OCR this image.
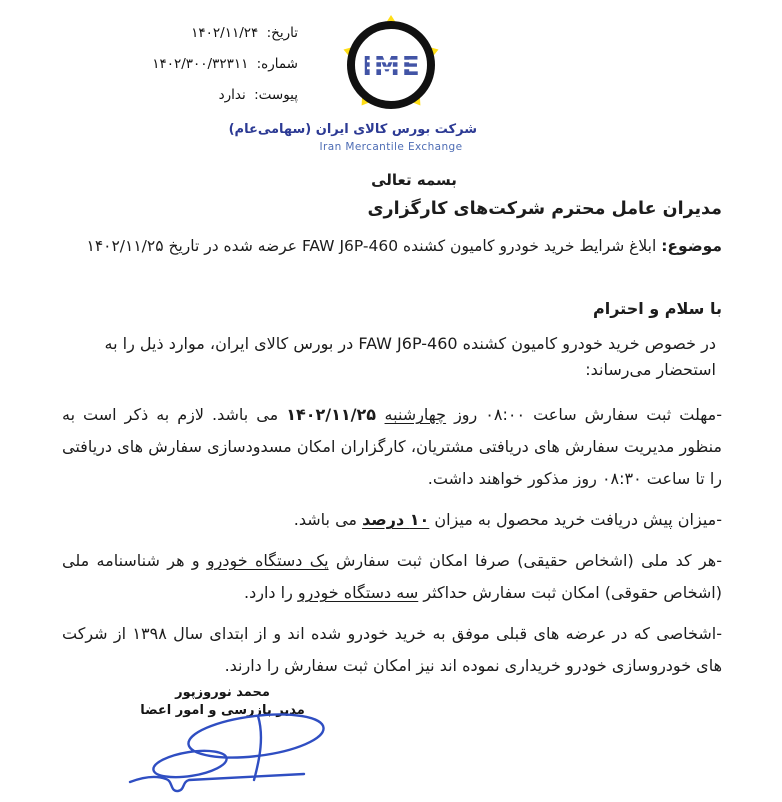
تاریخ: ۱۴۰۲/۱۱/۲۴
شماره: ۱۴۰۲/۳۰۰/۳۲۳۱۱
پیوست: ندارد
IME
شرکت بورس کالای ایران (سهامی‌عام)
Iran Mercantile Exchange
بسمه تعالی
مدیران عامل محترم شرکت‌های کارگزاری
موضوع: ابلاغ شرایط خرید خودرو کامیون کشنده FAW J6P-460 عرضه شده در تاریخ ۱۴۰۲/۱۱/۲۵
با سلام و احترام
در خصوص خرید خودرو کامیون کشنده FAW J6P-460 در بورس کالای ایران، موارد ذیل را به استحضار می‌رساند:
-مهلت ثبت سفارش ساعت ۰۸:۰۰ روز چهارشنبه ۱۴۰۲/۱۱/۲۵ می باشد. لازم به ذکر است به منظور مدیریت سفارش های دریافتی مشتریان، کارگزاران امکان مسدودسازی سفارش های دریافتی را تا ساعت ۰۸:۳۰ روز مذکور خواهند داشت.
-میزان پیش دریافت خرید محصول به میزان ۱۰ درصد می باشد.
-هر کد ملی (اشخاص حقیقی) صرفا امکان ثبت سفارش یک دستگاه خودرو و هر شناسنامه ملی (اشخاص حقوقی) امکان ثبت سفارش حداکثر سه دستگاه خودرو را دارد.
-اشخاصی که در عرضه های قبلی موفق به خرید خودرو شده اند و از ابتدای سال ۱۳۹۸ از شرکت های خودروسازی خودرو خریداری نموده اند نیز امکان ثبت سفارش را دارند.
محمد نوروزپور
مدیر بازرسی و امور اعضا
